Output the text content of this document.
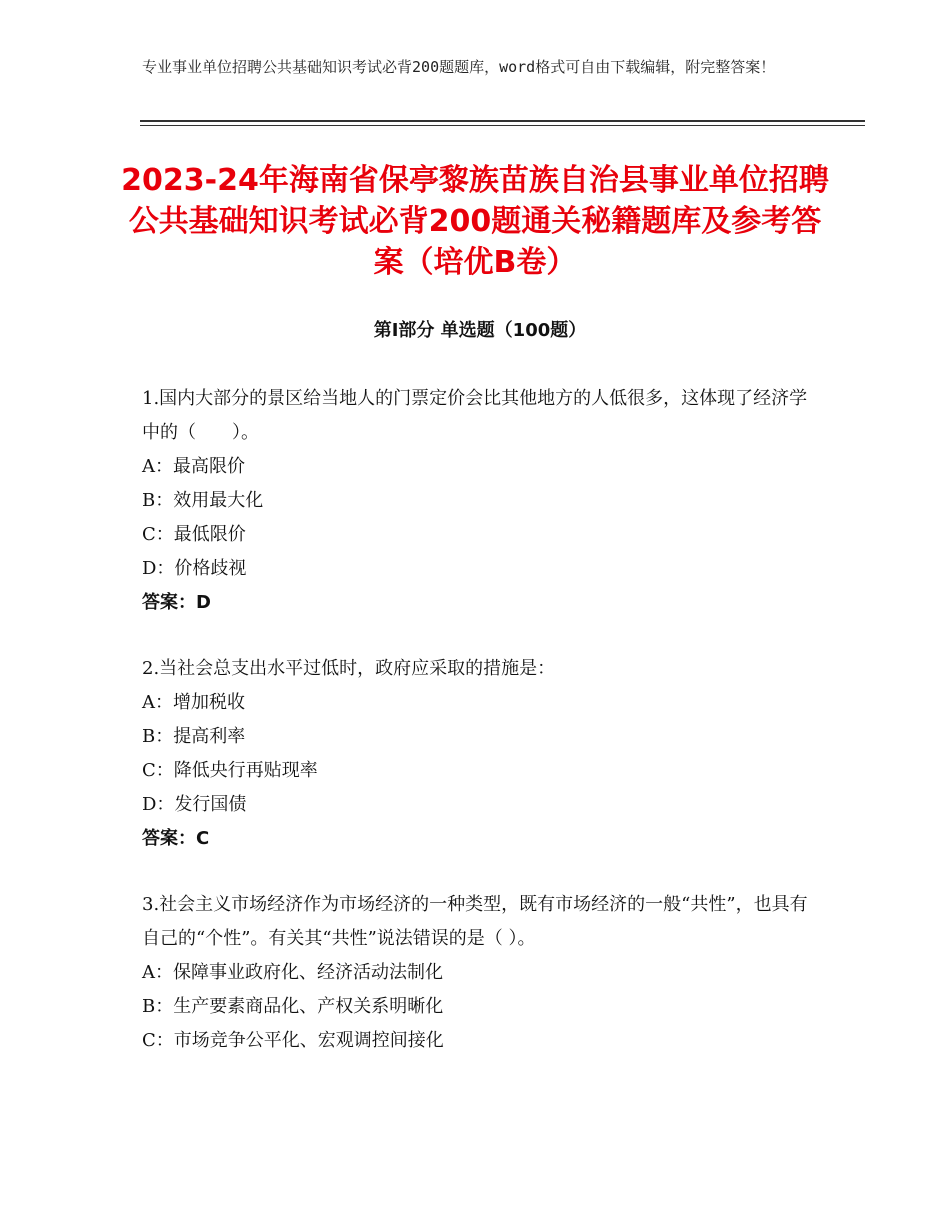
专业事业单位招聘公共基础知识考试必背200题题库，word格式可自由下载编辑，附完整答案！
2023-24年海南省保亭黎族苗族自治县事业单位招聘公共基础知识考试必背200题通关秘籍题库及参考答案（培优B卷）
第Ⅰ部分 单选题（100题）
1.国内大部分的景区给当地人的门票定价会比其他地方的人低很多，这体现了经济学中的（　　）。
A：最高限价
B：效用最大化
C：最低限价
D：价格歧视
答案：D
2.当社会总支出水平过低时，政府应采取的措施是：
A：增加税收
B：提高利率
C：降低央行再贴现率
D：发行国债
答案：C
3.社会主义市场经济作为市场经济的一种类型，既有市场经济的一般“共性”，也具有自己的“个性”。有关其“共性”说法错误的是（ ）。
A：保障事业政府化、经济活动法制化
B：生产要素商品化、产权关系明晰化
C：市场竞争公平化、宏观调控间接化
